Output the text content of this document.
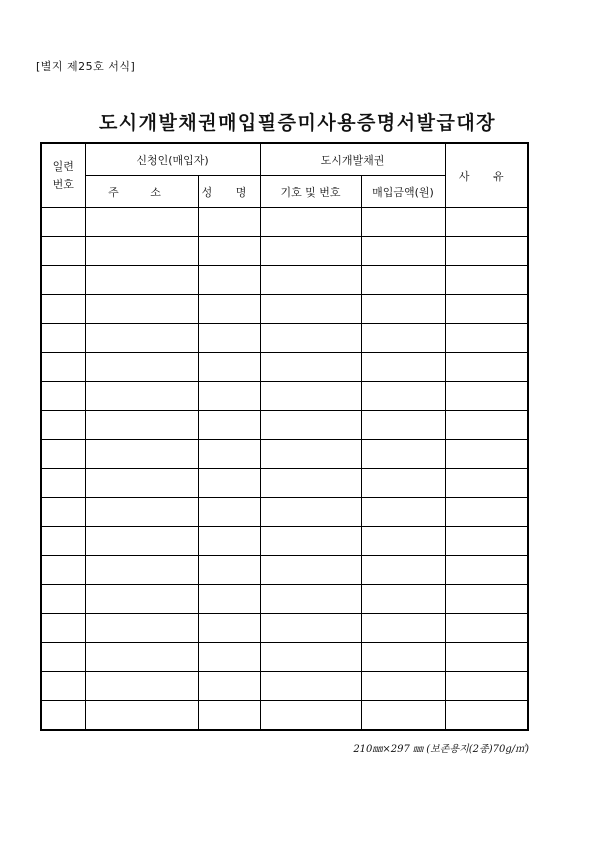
[별지 제25호 서식]
도시개발채권매입필증미사용증명서발급대장
일련
번호	신청인(매입자)		도시개발채권		사 유
	주 소	성 명	기호 및 번호	매입금액(원)	

210㎜×297 ㎜ (보존용지(2종)70g/㎡)
